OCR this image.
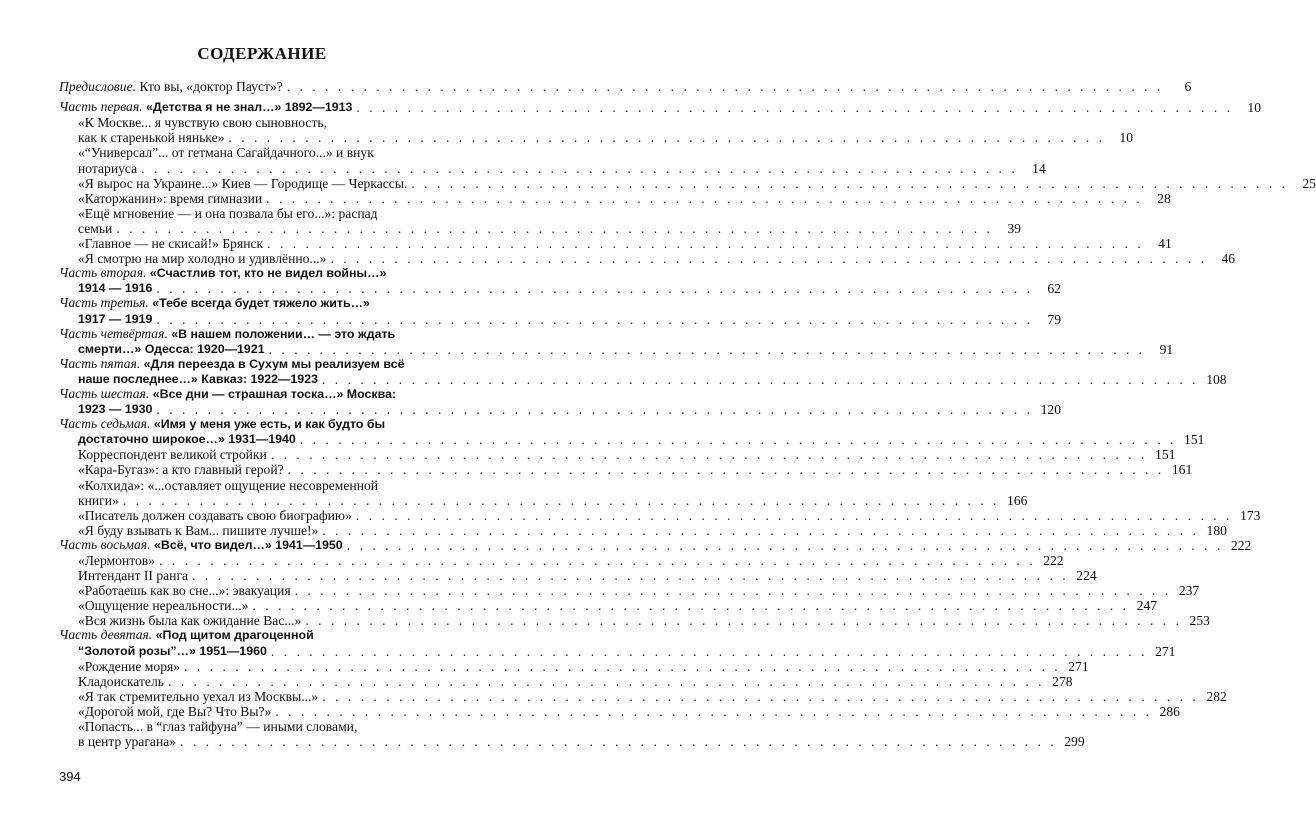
СОДЕРЖАНИЕ
Предисловие. Кто вы, «доктор Пауст»? . . .	6
Часть первая. «Детства я не знал…» 1892—1913 . . .	10
«К Москве... я чувствую свою сыновность,
как к старенькой няньке» . . .	10
«“Универсал”... от гетмана Сагайдачного...» и внук
нотариуса . . .	14
«Я вырос на Украине...» Киев — Городище — Черкассы. . . .	25
«Каторжанин»: время гимназии . . .	28
«Ещё мгновение — и она позвала бы его...»: распад
семьи . . .	39
«Главное — не скисай!» Брянск . . .	41
«Я смотрю на мир холодно и удивлённо...» . . .	46
Часть вторая. «Счастлив тот, кто не видел войны…»
1914 — 1916 . . .	62
Часть третья. «Тебе всегда будет тяжело жить…»
1917 — 1919 . . .	79
Часть четвёртая. «В нашем положении… — это ждать
смерти…» Одесса: 1920—1921 . . .	91
Часть пятая. «Для переезда в Сухум мы реализуем всё
наше последнее…» Кавказ: 1922—1923 . . .	108
Часть шестая. «Все дни — страшная тоска…» Москва:
1923 — 1930 . . .	120
Часть седьмая. «Имя у меня уже есть, и как будто бы
достаточно широкое…» 1931—1940 . . .	151
Корреспондент великой стройки . . .	151
«Кара-Бугаз»: а кто главный герой? . . .	161
«Колхида»: «...оставляет ощущение несовременной
книги» . . .	166
«Писатель должен создавать свою биографию» . . .	173
«Я буду взывать к Вам... пишите лучше!» . . .	180
Часть восьмая. «Всё, что видел…» 1941—1950 . . .	222
«Лермонтов» . . .	222
Интендант II ранга . . .	224
«Работаешь как во сне...»: эвакуация . . .	237
«Ощущение нереальности...» . . .	247
«Вся жизнь была как ожидание Вас...» . . .	253
Часть девятая. «Под щитом драгоценной
“Золотой розы”…» 1951—1960 . . .	271
«Рождение моря» . . .	271
Кладоискатель . . .	278
«Я так стремительно уехал из Москвы...» . . .	282
«Дорогой мой, где Вы? Что Вы?» . . .	286
«Попасть... в “глаз тайфуна” — иными словами,
в центр урагана» . . .	299
394
